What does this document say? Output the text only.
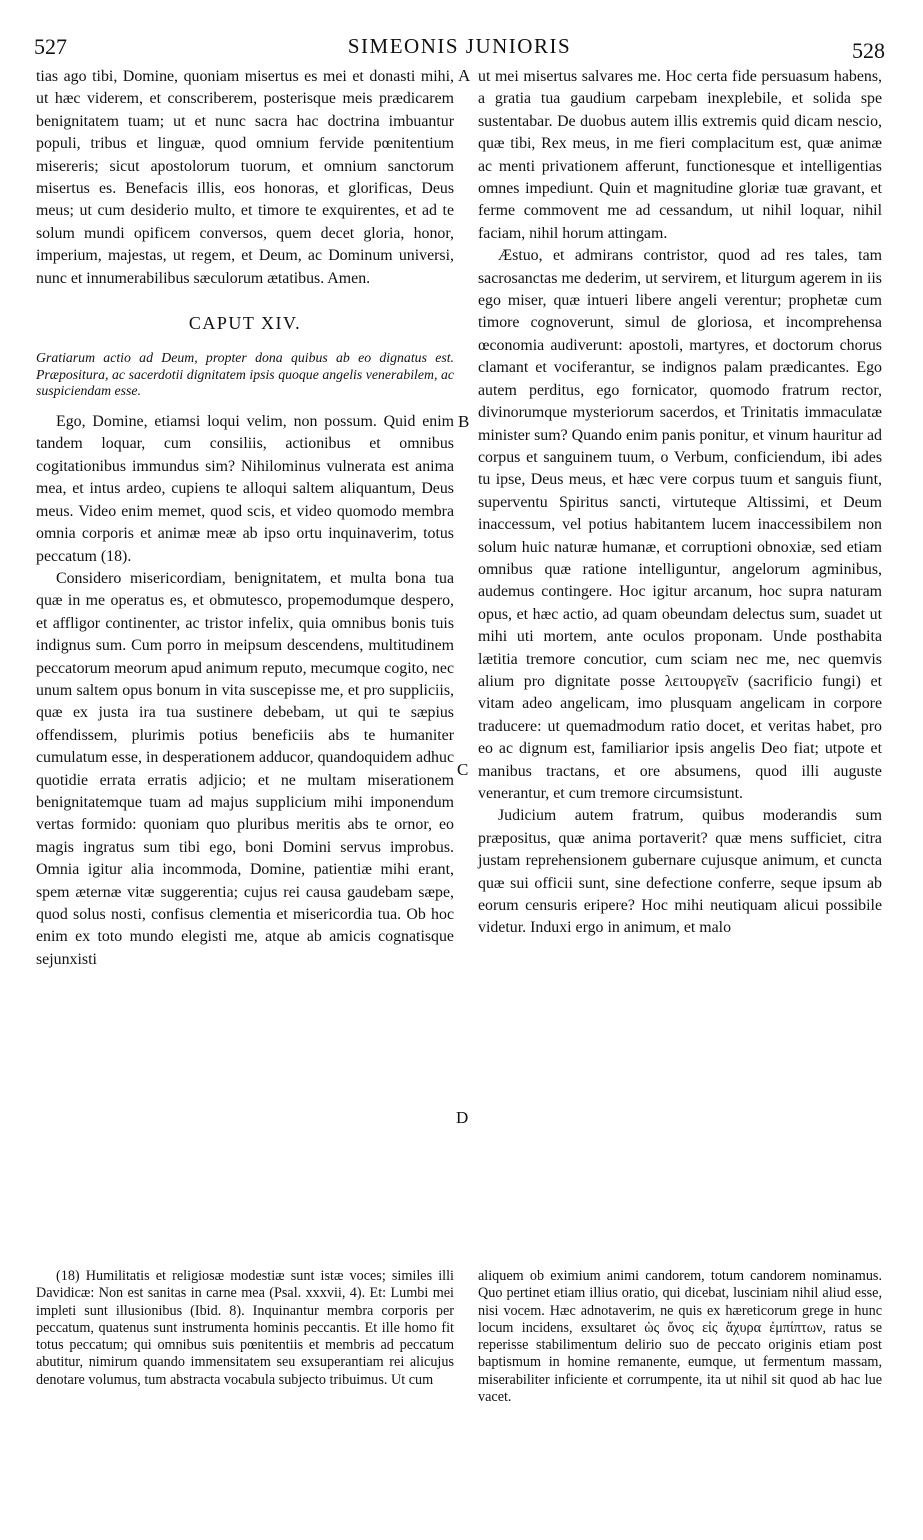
527	SIMEONIS JUNIORIS	528
A
B
C
D

tias ago tibi, Domine, quoniam misertus es mei et donasti mihi, ut hæc viderem, et conscriberem, posterisque meis prædicarem benignitatem tuam; ut et nunc sacra hac doctrina imbuantur populi, tribus et linguæ, quod omnium fervide pœnitentium misereris; sicut apostolorum tuorum, et omnium sanctorum misertus es. Benefacis illis, eos honoras, et glorificas, Deus meus; ut cum desiderio multo, et timore te exquirentes, et ad te solum mundi opificem conversos, quem decet gloria, honor, imperium, majestas, ut regem, et Deum, ac Dominum universi, nunc et innumerabilibus sæculorum ætatibus. Amen.

CAPUT XIV.

Gratiarum actio ad Deum, propter dona quibus ab eo dignatus est. Præpositura, ac sacerdotii dignitatem ipsis quoque angelis venerabilem, ac suspiciendam esse.

Ego, Domine, etiamsi loqui velim, non possum. Quid enim tandem loquar, cum consiliis, actionibus et omnibus cogitationibus immundus sim? Nihilominus vulnerata est anima mea, et intus ardeo, cupiens te alloqui saltem aliquantum, Deus meus. Video enim memet, quod scis, et video quomodo membra omnia corporis et animæ meæ ab ipso ortu inquinaverim, totus peccatum (18).

Considero misericordiam, benignitatem, et multa bona tua quæ in me operatus es, et obmutesco, propemodumque despero, et affligor continenter, ac tristor infelix, quia omnibus bonis tuis indignus sum. Cum porro in meipsum descendens, multitudinem peccatorum meorum apud animum reputo, mecumque cogito, nec unum saltem opus bonum in vita suscepisse me, et pro suppliciis, quæ ex justa ira tua sustinere debebam, ut qui te sæpius offendissem, plurimis potius beneficiis abs te humaniter cumulatum esse, in desperationem adducor, quandoquidem adhuc quotidie errata erratis adjicio; et ne multam miserationem benignitatemque tuam ad majus supplicium mihi imponendum vertas formido: quoniam quo pluribus meritis abs te ornor, eo magis ingratus sum tibi ego, boni Domini servus improbus. Omnia igitur alia incommoda, Domine, patientiæ mihi erant, spem æternæ vitæ suggerentia; cujus rei causa gaudebam sæpe, quod solus nosti, confisus clementia et misericordia tua. Ob hoc enim ex toto mundo elegisti me, atque ab amicis cognatisque sejunxisti

ut mei misertus salvares me. Hoc certa fide persuasum habens, a gratia tua gaudium carpebam inexplebile, et solida spe sustentabar. De duobus autem illis extremis quid dicam nescio, quæ tibi, Rex meus, in me fieri complacitum est, quæ animæ ac menti privationem afferunt, functionesque et intelligentias omnes impediunt. Quin et magnitudine gloriæ tuæ gravant, et ferme commovent me ad cessandum, ut nihil loquar, nihil faciam, nihil horum attingam.

Æstuo, et admirans contristor, quod ad res tales, tam sacrosanctas me dederim, ut servirem, et liturgum agerem in iis ego miser, quæ intueri libere angeli verentur; prophetæ cum timore cognoverunt, simul de gloriosa, et incomprehensa œconomia audiverunt: apostoli, martyres, et doctorum chorus clamant et vociferantur, se indignos palam prædicantes. Ego autem perditus, ego fornicator, quomodo fratrum rector, divinorumque mysteriorum sacerdos, et Trinitatis immaculatæ minister sum? Quando enim panis ponitur, et vinum hauritur ad corpus et sanguinem tuum, o Verbum, conficiendum, ibi ades tu ipse, Deus meus, et hæc vere corpus tuum et sanguis fiunt, superventu Spiritus sancti, virtuteque Altissimi, et Deum inaccessum, vel potius habitantem lucem inaccessibilem non solum huic naturæ humanæ, et corruptioni obnoxiæ, sed etiam omnibus quæ ratione intelliguntur, angelorum agminibus, audemus contingere. Hoc igitur arcanum, hoc supra naturam opus, et hæc actio, ad quam obeundam delectus sum, suadet ut mihi uti mortem, ante oculos proponam. Unde posthabita lætitia tremore concutior, cum sciam nec me, nec quemvis alium pro dignitate posse λειτουργεῖν (sacrificio fungi) et vitam adeo angelicam, imo plusquam angelicam in corpore traducere: ut quemadmodum ratio docet, et veritas habet, pro eo ac dignum est, familiarior ipsis angelis Deo fiat; utpote et manibus tractans, et ore absumens, quod illi auguste venerantur, et cum tremore circumsistunt.

Judicium autem fratrum, quibus moderandis sum præpositus, quæ anima portaverit? quæ mens sufficiet, citra justam reprehensionem gubernare cujusque animum, et cuncta quæ sui officii sunt, sine defectione conferre, seque ipsum ab eorum censuris eripere? Hoc mihi neutiquam alicui possibile videtur. Induxi ergo in animum, et malo

(18) Humilitatis et religiosæ modestiæ sunt istæ voces; similes illi Davidicæ: Non est sanitas in carne mea (Psal. xxxvii, 4). Et: Lumbi mei impleti sunt illusionibus (Ibid. 8). Inquinantur membra corporis per peccatum, quatenus sunt instrumenta hominis peccantis. Et ille homo fit totus peccatum; qui omnibus suis pœnitentiis et membris ad peccatum abutitur, nimirum quando immensitatem seu exsuperantiam rei alicujus denotare volumus, tum abstracta vocabula subjecto tribuimus. Ut cum

aliquem ob eximium animi candorem, totum candorem nominamus. Quo pertinet etiam illius oratio, qui dicebat, lusciniam nihil aliud esse, nisi vocem. Hæc adnotaverim, ne quis ex hæreticorum grege in hunc locum incidens, exsultaret ὡς ὄνος εἰς ἄχυρα ἐμπίπτων, ratus se reperisse stabilimentum delirio suo de peccato originis etiam post baptismum in homine remanente, eumque, ut fermentum massam, miserabiliter inficiente et corrumpente, ita ut nihil sit quod ab hac lue vacet.
